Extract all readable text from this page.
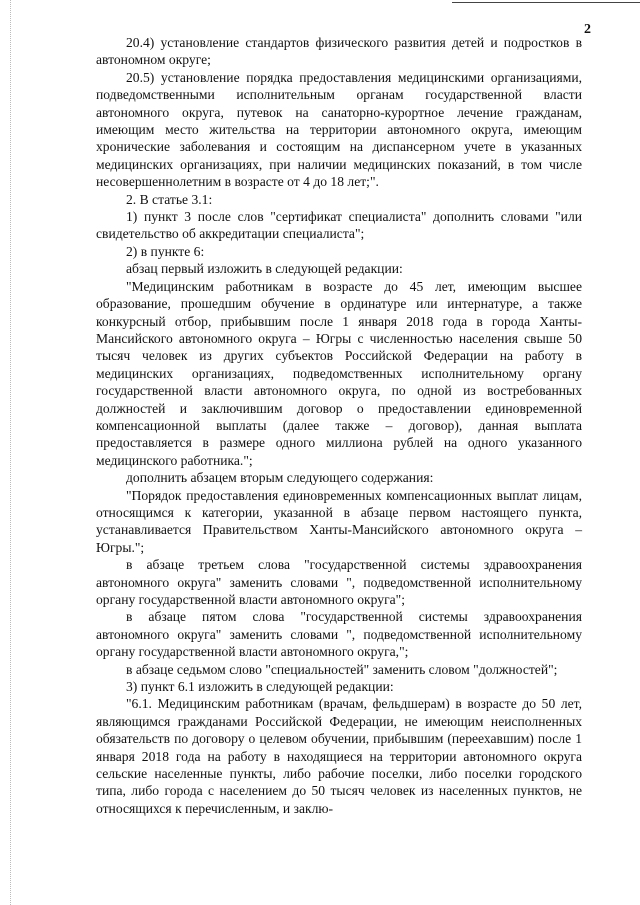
2

20.4) установление стандартов физического развития детей и подростков в автономном округе;

20.5) установление порядка предоставления медицинскими организациями, подведомственными исполнительным органам государственной власти автономного округа, путевок на санаторно-курортное лечение гражданам, имеющим место жительства на территории автономного округа, имеющим хронические заболевания и состоящим на диспансерном учете в указанных медицинских организациях, при наличии медицинских показаний, в том числе несовершеннолетним в возрасте от 4 до 18 лет;".

2. В статье 3.1:

1) пункт 3 после слов "сертификат специалиста" дополнить словами "или свидетельство об аккредитации специалиста";

2) в пункте 6:

абзац первый изложить в следующей редакции:

"Медицинским работникам в возрасте до 45 лет, имеющим высшее образование, прошедшим обучение в ординатуре или интернатуре, а также конкурсный отбор, прибывшим после 1 января 2018 года в города Ханты-Мансийского автономного округа – Югры с численностью населения свыше 50 тысяч человек из других субъектов Российской Федерации на работу в медицинских организациях, подведомственных исполнительному органу государственной власти автономного округа, по одной из востребованных должностей и заключившим договор о предоставлении единовременной компенсационной выплаты (далее также – договор), данная выплата предоставляется в размере одного миллиона рублей на одного указанного медицинского работника.";

дополнить абзацем вторым следующего содержания:

"Порядок предоставления единовременных компенсационных выплат лицам, относящимся к категории, указанной в абзаце первом настоящего пункта, устанавливается Правительством Ханты-Мансийского автономного округа – Югры.";

в абзаце третьем слова "государственной системы здравоохранения автономного округа" заменить словами ", подведомственной исполнительному органу государственной власти автономного округа";

в абзаце пятом слова "государственной системы здравоохранения автономного округа" заменить словами ", подведомственной исполнительному органу государственной власти автономного округа,";

в абзаце седьмом слово "специальностей" заменить словом "должностей";

3) пункт 6.1 изложить в следующей редакции:

"6.1. Медицинским работникам (врачам, фельдшерам) в возрасте до 50 лет, являющимся гражданами Российской Федерации, не имеющим неисполненных обязательств по договору о целевом обучении, прибывшим (переехавшим) после 1 января 2018 года на работу в находящиеся на территории автономного округа сельские населенные пункты, либо рабочие поселки, либо поселки городского типа, либо города с населением до 50 тысяч человек из населенных пунктов, не относящихся к перечисленным, и заклю-
